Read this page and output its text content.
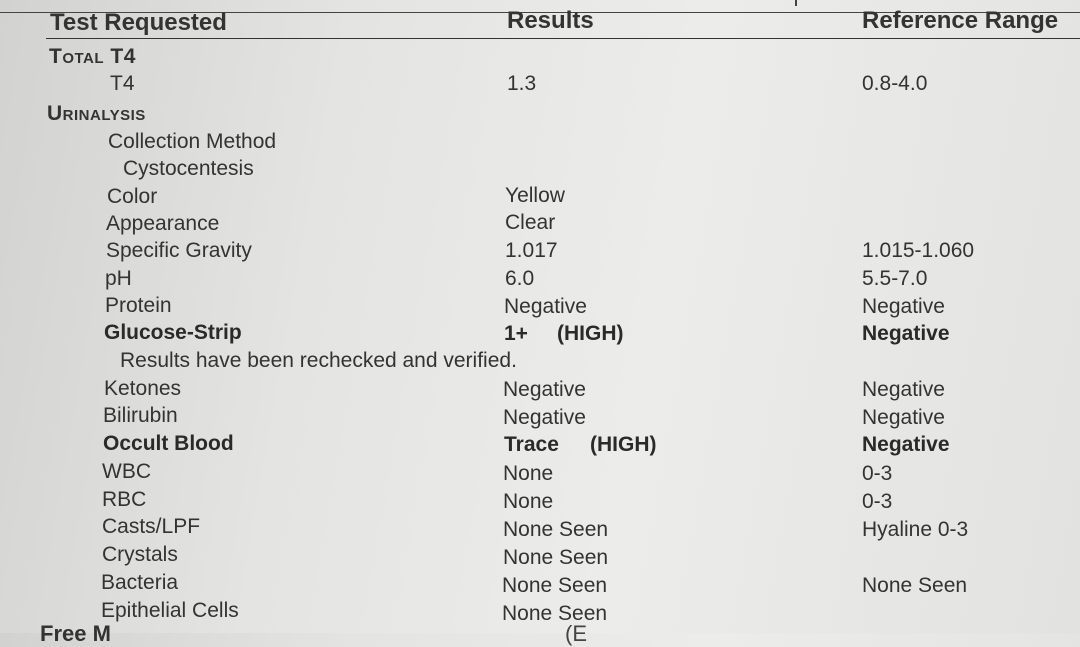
Test Requested	Results	Reference Range
Total T4
T4	1.3	0.8-4.0
Urinalysis
Collection Method
Cystocentesis
Color	Yellow
Appearance	Clear
Specific Gravity	1.017	1.015-1.060
pH	6.0	5.5-7.0
Protein	Negative	Negative
Glucose-Strip	1+ (HIGH)	Negative
Results have been rechecked and verified.
Ketones	Negative	Negative
Bilirubin	Negative	Negative
Occult Blood	Trace (HIGH)	Negative
WBC	None	0-3
RBC	None	0-3
Casts/LPF	None Seen	Hyaline 0-3
Crystals	None Seen
Bacteria	None Seen	None Seen
Epithelial Cells	None Seen
Free M	(E
